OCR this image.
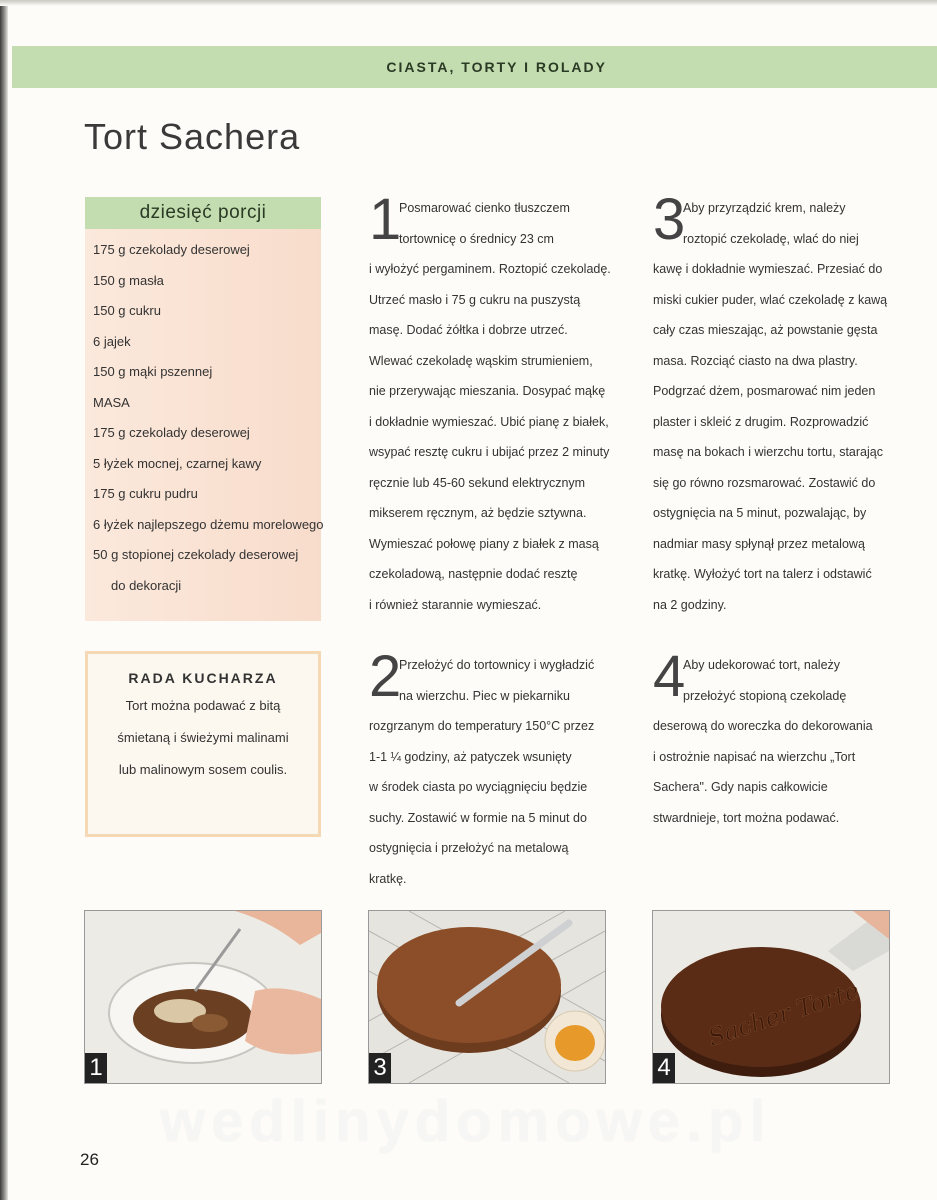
CIASTA, TORTY I ROLADY
Tort Sachera
dziesięć porcji
175 g czekolady deserowej
150 g masła
150 g cukru
6 jajek
150 g mąki pszennej
MASA
175 g czekolady deserowej
5 łyżek mocnej, czarnej kawy
175 g cukru pudru
6 łyżek najlepszego dżemu morelowego
50 g stopionej czekolady deserowej
do dekoracji
RADA KUCHARZA
Tort można podawać z bitą
śmietaną i świeżymi malinami
lub malinowym sosem coulis.
1
Posmarować cienko tłuszczem
tortownicę o średnicy 23 cm
i wyłożyć pergaminem. Roztopić czekoladę.
Utrzeć masło i 75 g cukru na puszystą
masę. Dodać żółtka i dobrze utrzeć.
Wlewać czekoladę wąskim strumieniem,
nie przerywając mieszania. Dosypać mąkę
i dokładnie wymieszać. Ubić pianę z białek,
wsypać resztę cukru i ubijać przez 2 minuty
ręcznie lub 45-60 sekund elektrycznym
mikserem ręcznym, aż będzie sztywna.
Wymieszać połowę piany z białek z masą
czekoladową, następnie dodać resztę
i również starannie wymieszać.
2
Przełożyć do tortownicy i wygładzić
na wierzchu. Piec w piekarniku
rozgrzanym do temperatury 150°C przez
1-1 ¼ godziny, aż patyczek wsunięty
w środek ciasta po wyciągnięciu będzie
suchy. Zostawić w formie na 5 minut do
ostygnięcia i przełożyć na metalową
kratkę.
3
Aby przyrządzić krem, należy
roztopić czekoladę, wlać do niej
kawę i dokładnie wymieszać. Przesiać do
miski cukier puder, wlać czekoladę z kawą
cały czas mieszając, aż powstanie gęsta
masa. Rozciąć ciasto na dwa plastry.
Podgrzać dżem, posmarować nim jeden
plaster i skleić z drugim. Rozprowadzić
masę na bokach i wierzchu tortu, starając
się go równo rozsmarować. Zostawić do
ostygnięcia na 5 minut, pozwalając, by
nadmiar masy spłynął przez metalową
kratkę. Wyłożyć tort na talerz i odstawić
na 2 godziny.
4
Aby udekorować tort, należy
przełożyć stopioną czekoladę
deserową do woreczka do dekorowania
i ostrożnie napisać na wierzchu „Tort
Sachera". Gdy napis całkowicie
stwardnieje, tort można podawać.
1	3
Sacher Torte
4
wedlinydomowe.pl
26
